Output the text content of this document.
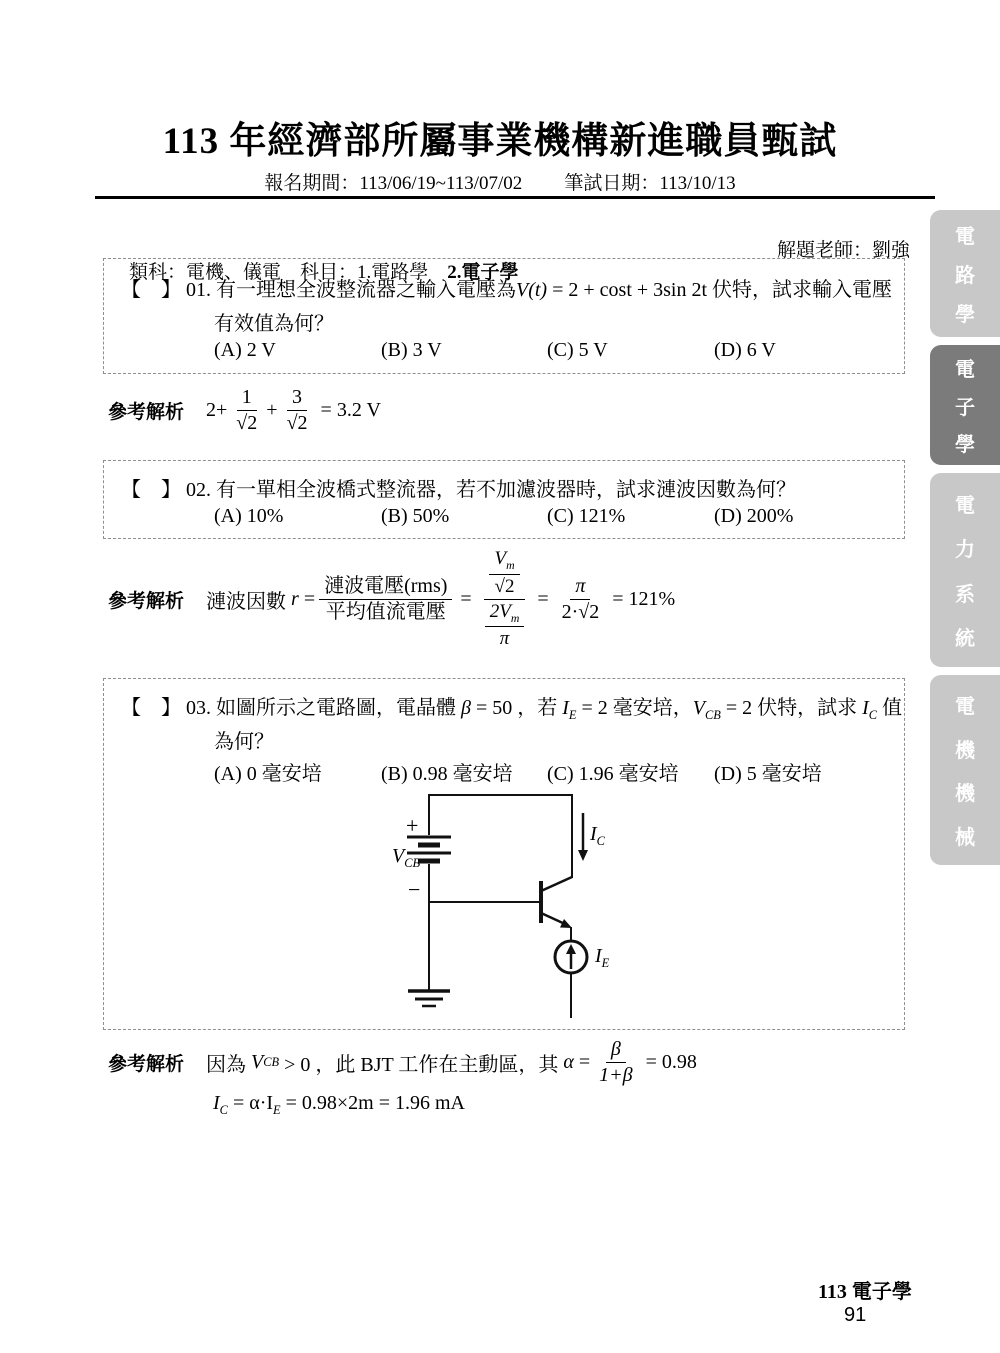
113 年經濟部所屬事業機構新進職員甄試
報名期間：113/06/19~113/07/02 筆試日期：113/10/13

解題老師：劉強

類科：電機、儀電　科目：1.電路學　2.電子學

電
路
學
電
子
學
電
力
系
統
電
機
機
械
【　】 01. 有一理想全波整流器之輸入電壓為V(t) = 2 + cost + 3sin 2t 伏特，試求輸入電壓
有效值為何？
(A) 2 V	(B) 3 V	(C) 5 V	(D) 6 V
參考解析 $2+ \frac{1}{√2} + \frac{3}{√2} = 3.2$ V
【　】 02. 有一單相全波橋式整流器，若不加濾波器時，試求漣波因數為何？
(A) 10%	(B) 50%	(C) 121%	(D) 200%
參考解析 漣波因數 $r = \frac{\text{漣波電壓(rms)}}{\text{平均值流電壓}} = \frac{\frac{V_m}{√2}}{\frac{2V_m}{\pi}} = \frac{\pi}{2\cdot√2} = 121\%$
【　】 03. 如圖所示之電路圖，電晶體 β = 50 ，若 $I_E = 2$ 毫安培，$V_{CB} = 2$ 伏特，試求 $I_C$ 值
為何？
(A) 0 毫安培	(B) 0.98 毫安培 (C) 1.96 毫安培 (D) 5 毫安培
+
$V_{CB}$
−
$I_C$
$I_E$
參考解析 因為 V CB > 0 ，此 BJT 工作在主動區，其 $\alpha = \frac{\beta}{1+\beta} = 0.98$
$I_C = \alpha\cdot I_E = 0.98\times 2m = 1.96$ mA

113 電子學
91
